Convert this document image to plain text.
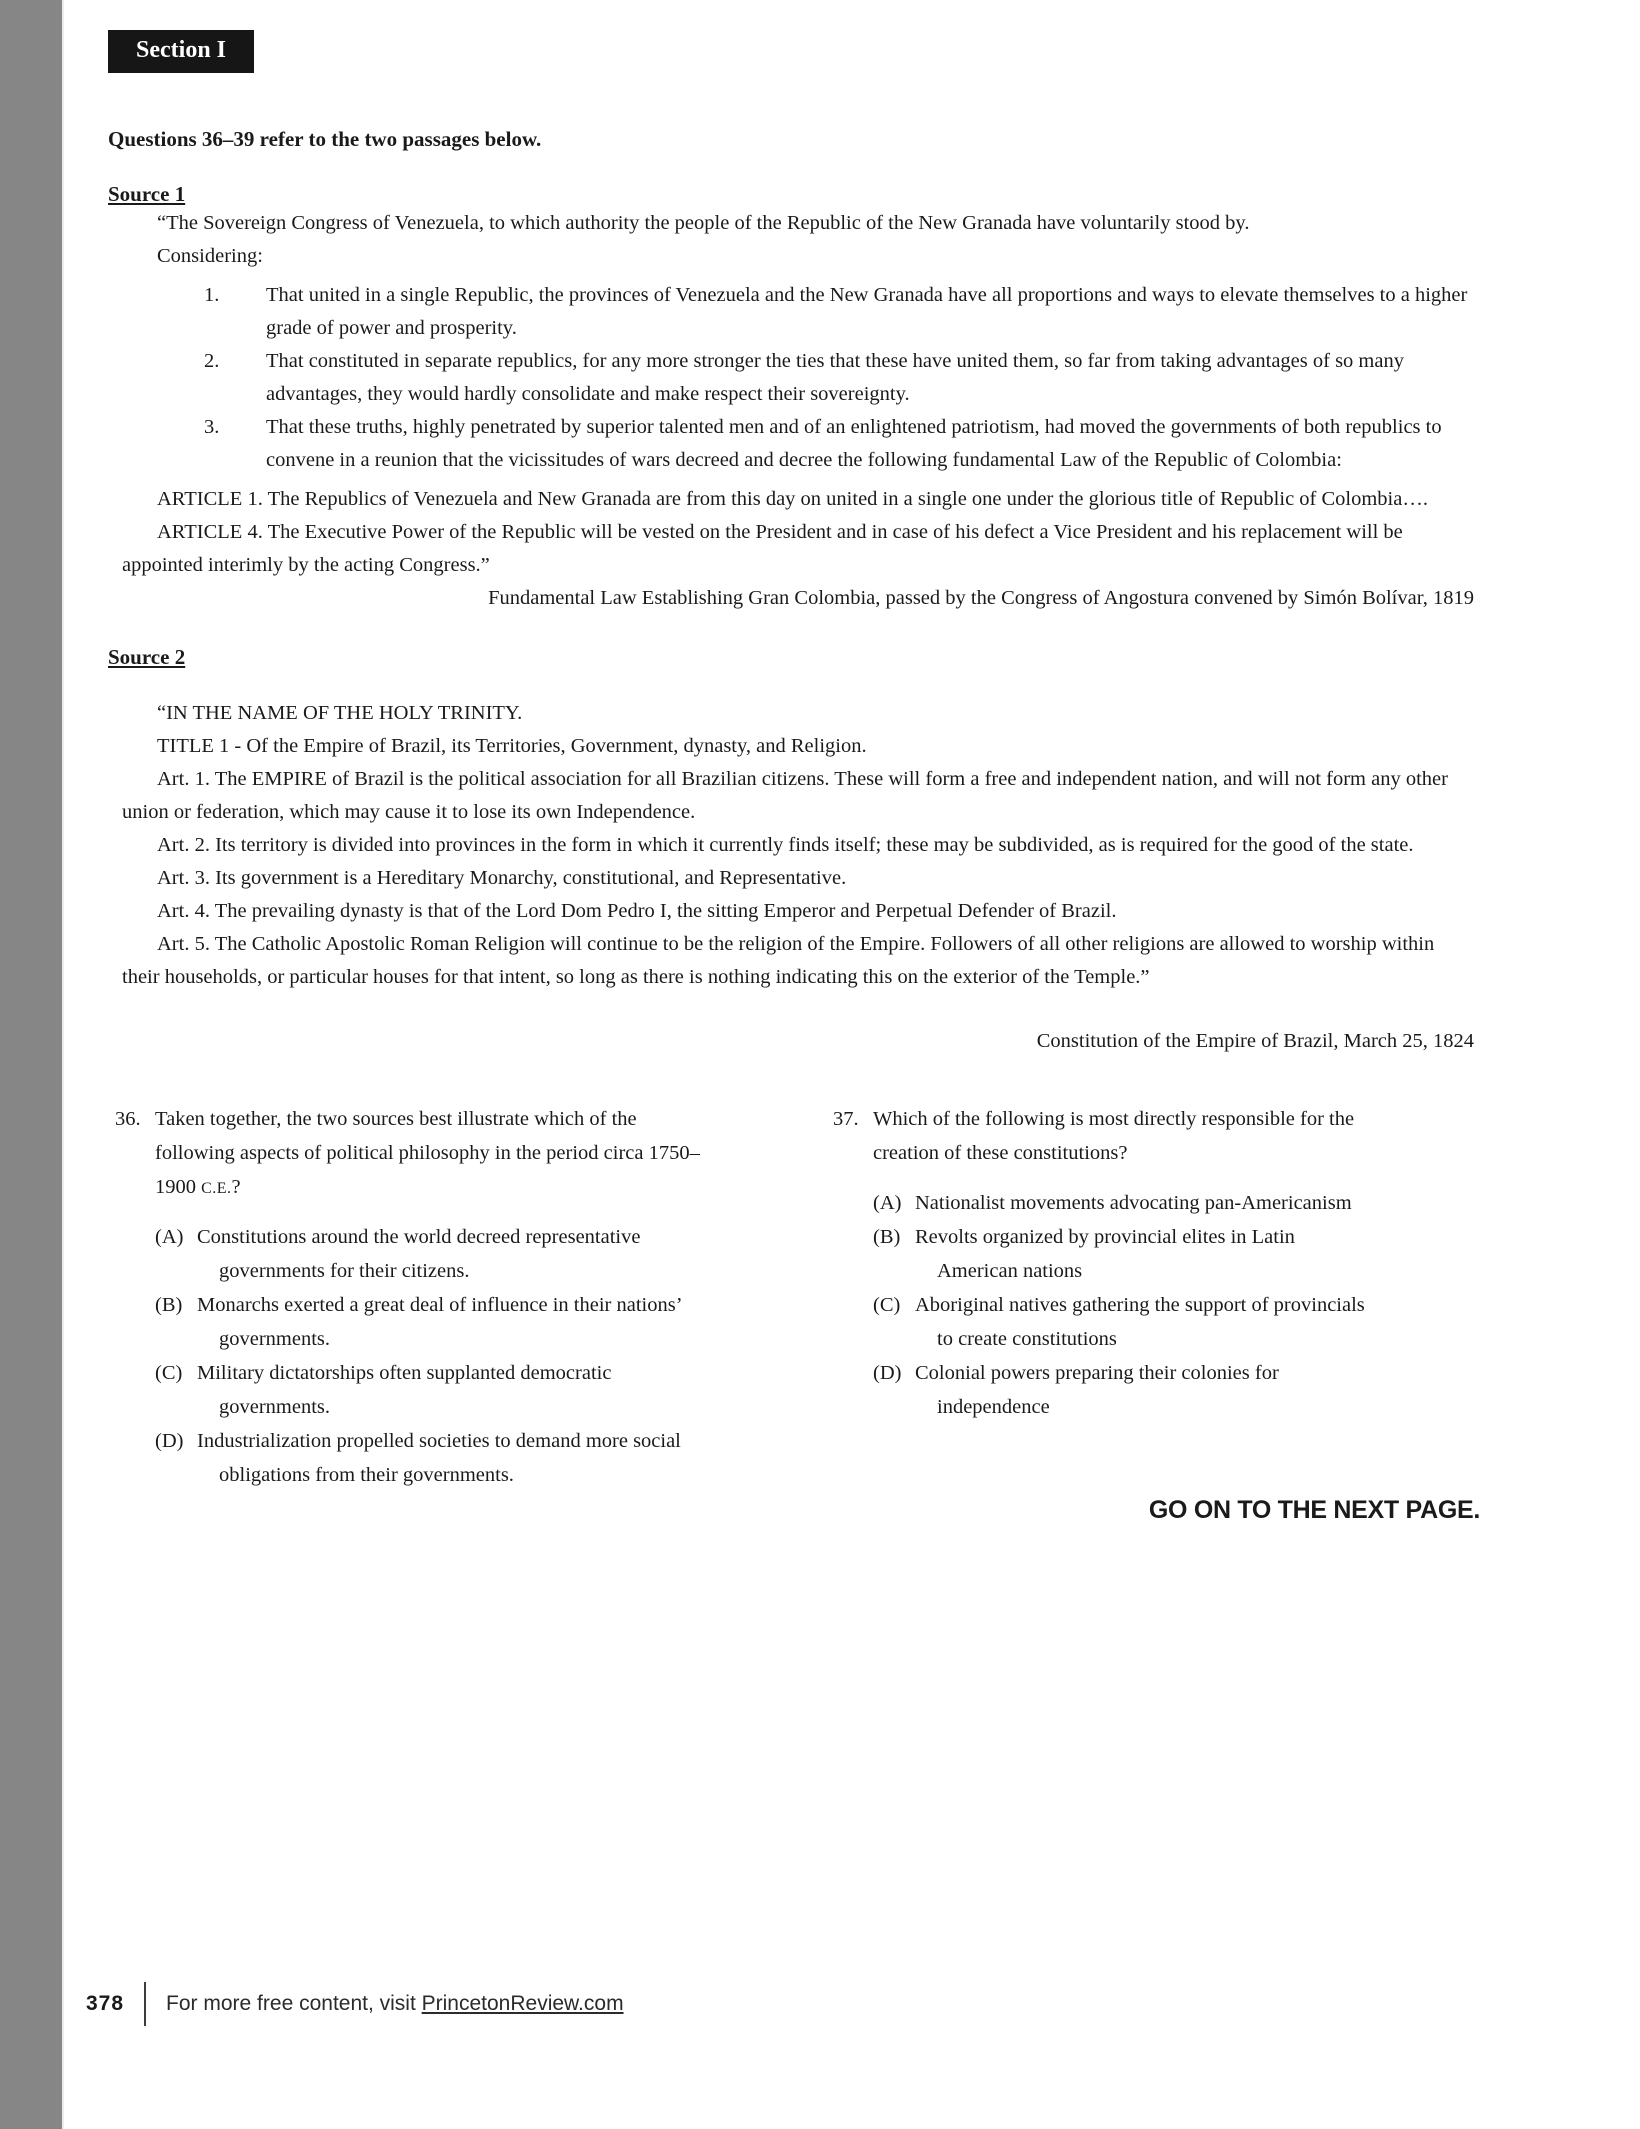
Section I

Questions 36–39 refer to the two passages below.

Source 1

“The Sovereign Congress of Venezuela, to which authority the people of the Republic of the New Granada have voluntarily stood by.

Considering:

1.	That united in a single Republic, the provinces of Venezuela and the New Granada have all proportions and ways to elevate themselves to a higher grade of power and prosperity.
2.	That constituted in separate republics, for any more stronger the ties that these have united them, so far from taking advantages of so many advantages, they would hardly consolidate and make respect their sovereignty.
3.	That these truths, highly penetrated by superior talented men and of an enlightened patriotism, had moved the governments of both republics to convene in a reunion that the vicissitudes of wars decreed and decree the following fundamental Law of the Republic of Colombia:

ARTICLE 1. The Republics of Venezuela and New Granada are from this day on united in a single one under the glorious title of Republic of Colombia….

ARTICLE 4. The Executive Power of the Republic will be vested on the President and in case of his defect a Vice President and his replacement will be appointed interimly by the acting Congress.”

Fundamental Law Establishing Gran Colombia, passed by the Congress of Angostura convened by Simón Bolívar, 1819

Source 2

“IN THE NAME OF THE HOLY TRINITY.

TITLE 1 - Of the Empire of Brazil, its Territories, Government, dynasty, and Religion.

Art. 1. The EMPIRE of Brazil is the political association for all Brazilian citizens. These will form a free and independent nation, and will not form any other union or federation, which may cause it to lose its own Independence.

Art. 2. Its territory is divided into provinces in the form in which it currently finds itself; these may be subdivided, as is required for the good of the state.

Art. 3. Its government is a Hereditary Monarchy, constitutional, and Representative.

Art. 4. The prevailing dynasty is that of the Lord Dom Pedro I, the sitting Emperor and Perpetual Defender of Brazil.

Art. 5. The Catholic Apostolic Roman Religion will continue to be the religion of the Empire. Followers of all other religions are allowed to worship within their households, or particular houses for that intent, so long as there is nothing indicating this on the exterior of the Temple.”

Constitution of the Empire of Brazil, March 25, 1824

36. Taken together, the two sources best illustrate which of the following aspects of political philosophy in the period circa 1750–1900 C.E.?
(A) Constitutions around the world decreed representative governments for their citizens.
(B) Monarchs exerted a great deal of influence in their nations’ governments.
(C) Military dictatorships often supplanted democratic governments.
(D) Industrialization propelled societies to demand more social obligations from their governments.
37. Which of the following is most directly responsible for the creation of these constitutions?
(A) Nationalist movements advocating pan-Americanism
(B) Revolts organized by provincial elites in Latin American nations
(C) Aboriginal natives gathering the support of provincials to create constitutions
(D) Colonial powers preparing their colonies for independence
GO ON TO THE NEXT PAGE.
378 For more free content, visit PrincetonReview.com
